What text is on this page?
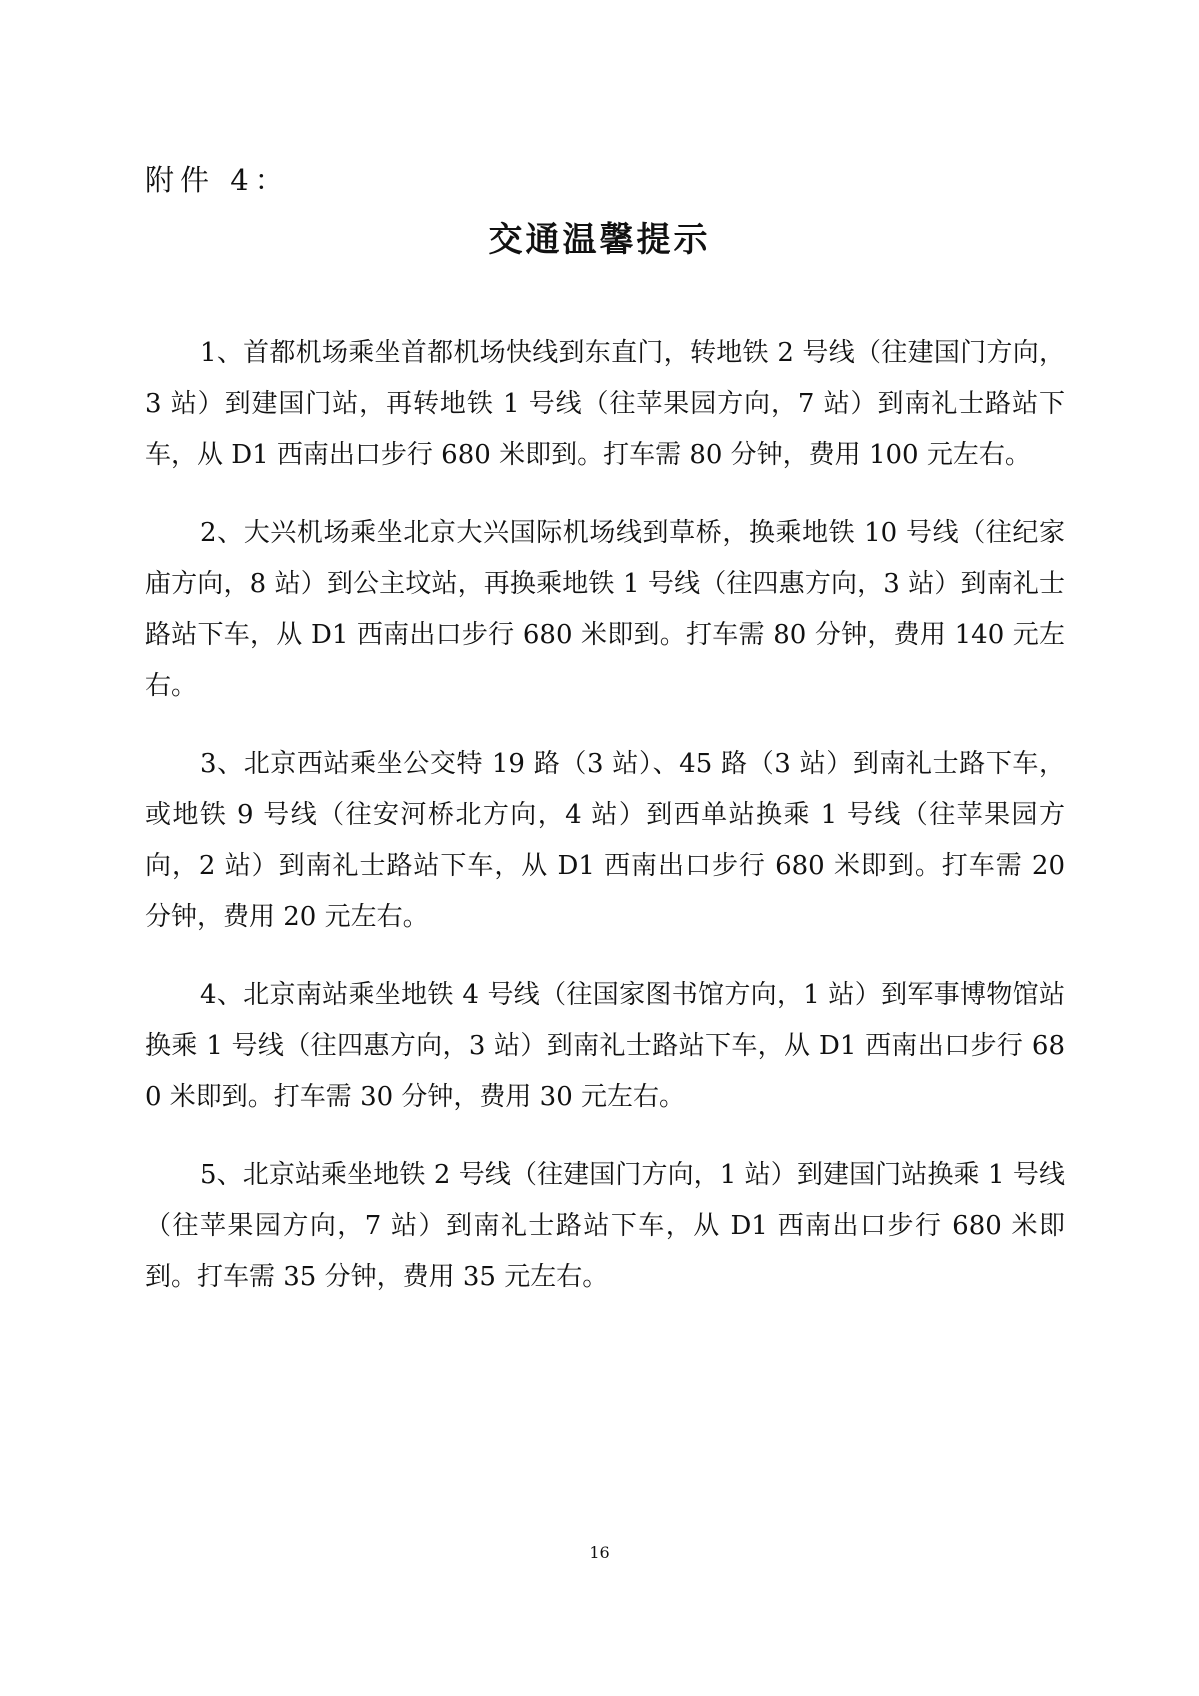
附件 4：
交通温馨提示

1、首都机场乘坐首都机场快线到东直门，转地铁 2 号线（往建国门方向，3 站）到建国门站，再转地铁 1 号线（往苹果园方向，7 站）到南礼士路站下车，从 D1 西南出口步行 680 米即到。打车需 80 分钟，费用 100 元左右。

2、大兴机场乘坐北京大兴国际机场线到草桥，换乘地铁 10 号线（往纪家庙方向，8 站）到公主坟站，再换乘地铁 1 号线（往四惠方向，3 站）到南礼士路站下车，从 D1 西南出口步行 680 米即到。打车需 80 分钟，费用 140 元左右。

3、北京西站乘坐公交特 19 路（3 站）、45 路（3 站）到南礼士路下车，或地铁 9 号线（往安河桥北方向，4 站）到西单站换乘 1 号线（往苹果园方向，2 站）到南礼士路站下车，从 D1 西南出口步行 680 米即到。打车需 20 分钟，费用 20 元左右。

4、北京南站乘坐地铁 4 号线（往国家图书馆方向，1 站）到军事博物馆站换乘 1 号线（往四惠方向，3 站）到南礼士路站下车，从 D1 西南出口步行 680 米即到。打车需 30 分钟，费用 30 元左右。

5、北京站乘坐地铁 2 号线（往建国门方向，1 站）到建国门站换乘 1 号线（往苹果园方向，7 站）到南礼士路站下车，从 D1 西南出口步行 680 米即到。打车需 35 分钟，费用 35 元左右。

16
